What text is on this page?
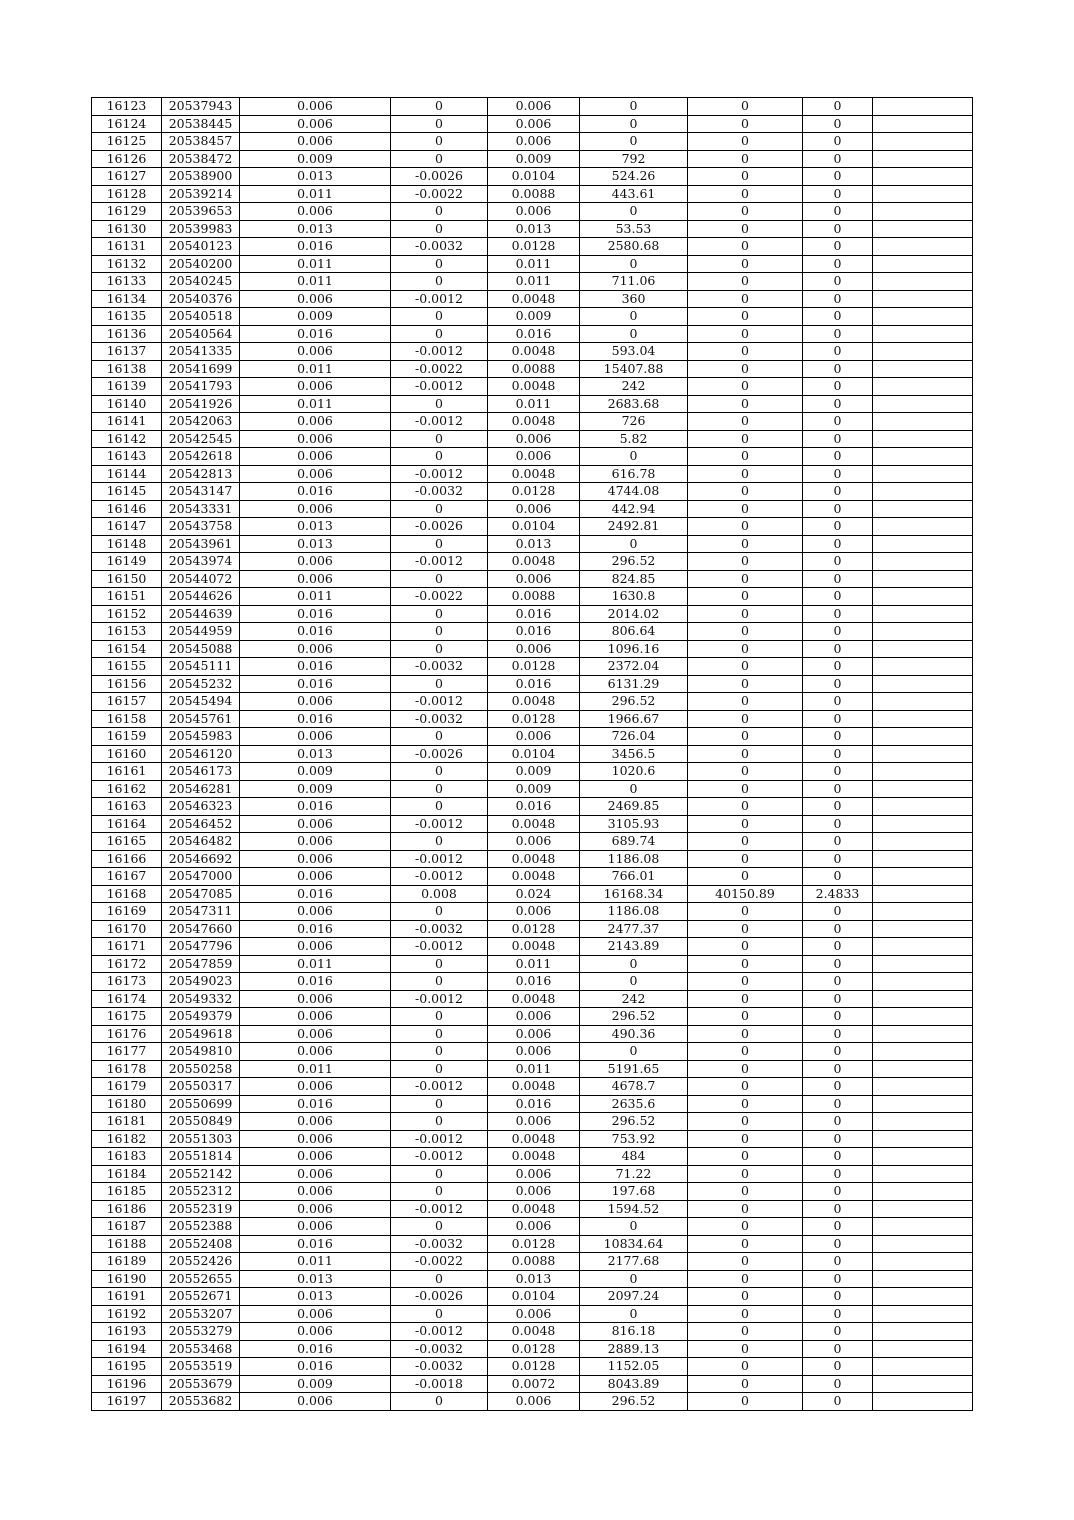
16123	20537943	0.006	0	0.006	0	0	0	
16124	20538445	0.006	0	0.006	0	0	0	
16125	20538457	0.006	0	0.006	0	0	0	
16126	20538472	0.009	0	0.009	792	0	0	
16127	20538900	0.013	-0.0026	0.0104	524.26	0	0	
16128	20539214	0.011	-0.0022	0.0088	443.61	0	0	
16129	20539653	0.006	0	0.006	0	0	0	
16130	20539983	0.013	0	0.013	53.53	0	0	
16131	20540123	0.016	-0.0032	0.0128	2580.68	0	0	
16132	20540200	0.011	0	0.011	0	0	0	
16133	20540245	0.011	0	0.011	711.06	0	0	
16134	20540376	0.006	-0.0012	0.0048	360	0	0	
16135	20540518	0.009	0	0.009	0	0	0	
16136	20540564	0.016	0	0.016	0	0	0	
16137	20541335	0.006	-0.0012	0.0048	593.04	0	0	
16138	20541699	0.011	-0.0022	0.0088	15407.88	0	0	
16139	20541793	0.006	-0.0012	0.0048	242	0	0	
16140	20541926	0.011	0	0.011	2683.68	0	0	
16141	20542063	0.006	-0.0012	0.0048	726	0	0	
16142	20542545	0.006	0	0.006	5.82	0	0	
16143	20542618	0.006	0	0.006	0	0	0	
16144	20542813	0.006	-0.0012	0.0048	616.78	0	0	
16145	20543147	0.016	-0.0032	0.0128	4744.08	0	0	
16146	20543331	0.006	0	0.006	442.94	0	0	
16147	20543758	0.013	-0.0026	0.0104	2492.81	0	0	
16148	20543961	0.013	0	0.013	0	0	0	
16149	20543974	0.006	-0.0012	0.0048	296.52	0	0	
16150	20544072	0.006	0	0.006	824.85	0	0	
16151	20544626	0.011	-0.0022	0.0088	1630.8	0	0	
16152	20544639	0.016	0	0.016	2014.02	0	0	
16153	20544959	0.016	0	0.016	806.64	0	0	
16154	20545088	0.006	0	0.006	1096.16	0	0	
16155	20545111	0.016	-0.0032	0.0128	2372.04	0	0	
16156	20545232	0.016	0	0.016	6131.29	0	0	
16157	20545494	0.006	-0.0012	0.0048	296.52	0	0	
16158	20545761	0.016	-0.0032	0.0128	1966.67	0	0	
16159	20545983	0.006	0	0.006	726.04	0	0	
16160	20546120	0.013	-0.0026	0.0104	3456.5	0	0	
16161	20546173	0.009	0	0.009	1020.6	0	0	
16162	20546281	0.009	0	0.009	0	0	0	
16163	20546323	0.016	0	0.016	2469.85	0	0	
16164	20546452	0.006	-0.0012	0.0048	3105.93	0	0	
16165	20546482	0.006	0	0.006	689.74	0	0	
16166	20546692	0.006	-0.0012	0.0048	1186.08	0	0	
16167	20547000	0.006	-0.0012	0.0048	766.01	0	0	
16168	20547085	0.016	0.008	0.024	16168.34	40150.89	2.4833	
16169	20547311	0.006	0	0.006	1186.08	0	0	
16170	20547660	0.016	-0.0032	0.0128	2477.37	0	0	
16171	20547796	0.006	-0.0012	0.0048	2143.89	0	0	
16172	20547859	0.011	0	0.011	0	0	0	
16173	20549023	0.016	0	0.016	0	0	0	
16174	20549332	0.006	-0.0012	0.0048	242	0	0	
16175	20549379	0.006	0	0.006	296.52	0	0	
16176	20549618	0.006	0	0.006	490.36	0	0	
16177	20549810	0.006	0	0.006	0	0	0	
16178	20550258	0.011	0	0.011	5191.65	0	0	
16179	20550317	0.006	-0.0012	0.0048	4678.7	0	0	
16180	20550699	0.016	0	0.016	2635.6	0	0	
16181	20550849	0.006	0	0.006	296.52	0	0	
16182	20551303	0.006	-0.0012	0.0048	753.92	0	0	
16183	20551814	0.006	-0.0012	0.0048	484	0	0	
16184	20552142	0.006	0	0.006	71.22	0	0	
16185	20552312	0.006	0	0.006	197.68	0	0	
16186	20552319	0.006	-0.0012	0.0048	1594.52	0	0	
16187	20552388	0.006	0	0.006	0	0	0	
16188	20552408	0.016	-0.0032	0.0128	10834.64	0	0	
16189	20552426	0.011	-0.0022	0.0088	2177.68	0	0	
16190	20552655	0.013	0	0.013	0	0	0	
16191	20552671	0.013	-0.0026	0.0104	2097.24	0	0	
16192	20553207	0.006	0	0.006	0	0	0	
16193	20553279	0.006	-0.0012	0.0048	816.18	0	0	
16194	20553468	0.016	-0.0032	0.0128	2889.13	0	0	
16195	20553519	0.016	-0.0032	0.0128	1152.05	0	0	
16196	20553679	0.009	-0.0018	0.0072	8043.89	0	0	
16197	20553682	0.006	0	0.006	296.52	0	0	
